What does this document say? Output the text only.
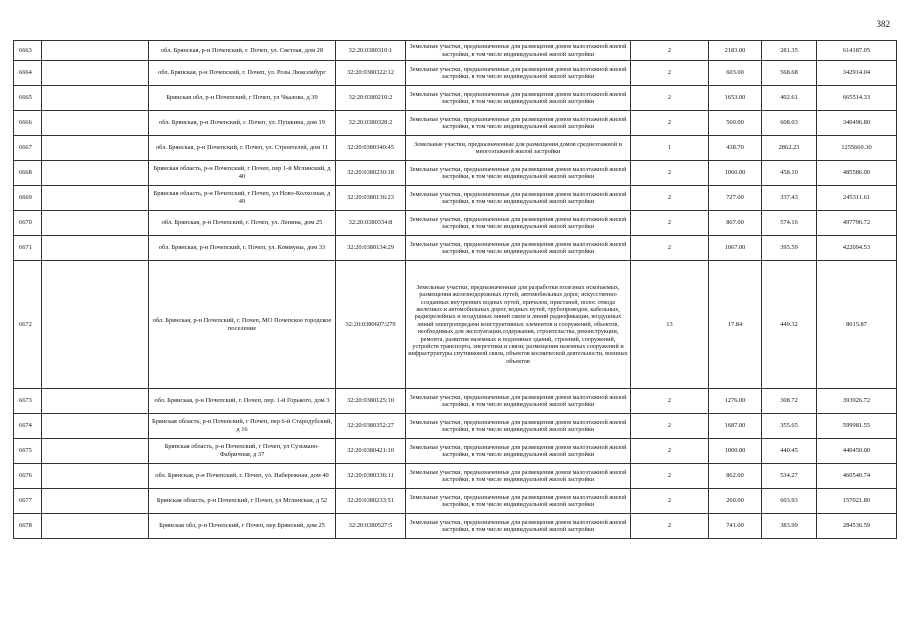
382
6663		обл. Брянская, р-н Почепский, г. Почеп, ул. Светлая, дом 28	32:20:0380310:1	Земельные участки, предназначенные для размещения домов малоэтажной жилой застройки, в том числе индивидуальной жилой застройки	2	2183.00	281.35	614187.05
6664		обл. Брянская, р-н Почепский, г. Почеп, ул. Розы Люксембург	32:20:0380322:12	Земельные участки, предназначенные для размещения домов малоэтажной жилой застройки, в том числе индивидуальной жилой застройки	2	603.00	568.68	342914.04
6665		Брянская обл, р-н Почепский, г Почеп, ул Чкалова, д 39	32:20:0380210:2	Земельные участки, предназначенные для размещения домов малоэтажной жилой застройки, в том числе индивидуальной жилой застройки	2	1653.00	402.61	665514.33
6666		обл. Брянская, р-н Почепский, г. Почеп, ул. Пушкина, дом 19	32:20:0380328:2	Земельные участки, предназначенные для размещения домов малоэтажной жилой застройки, в том числе индивидуальной жилой застройки	2	560.00	608.03	340496.80
6667		обл. Брянская, р-н Почепский, г. Почеп, ул. Строителей, дом 11	32:20:0380340:45	Земельные участки, предназначенные для размещения домов среднеэтажной и многоэтажной жилой застройки	1	438.70	2862.23	1255660.30
6668		Брянская область, р-н Почепский, г Почеп, пер 1-й Мглинский, д 40	32:20:0380230:18	Земельные участки, предназначенные для размещения домов малоэтажной жилой застройки, в том числе индивидуальной жилой застройки	2	1060.00	458.10	485586.00
6669		Брянская область, р-н Почепский, г Почеп, ул Ново-Колхозная, д 49	32:20:0380136:23	Земельные участки, предназначенные для размещения домов малоэтажной жилой застройки, в том числе индивидуальной жилой застройки	2	727.00	337.43	245311.61
6670		обл. Брянская, р-н Почепский, г. Почеп, ул. Ленина, дом 25	32:20:0380334:8	Земельные участки, предназначенные для размещения домов малоэтажной жилой застройки, в том числе индивидуальной жилой застройки	2	867.00	574.16	497796.72
6671		обл. Брянская, р-н Почепский, г. Почеп, ул. Коммуны, дом 33	32:20:0380134:29	Земельные участки, предназначенные для размещения домов малоэтажной жилой застройки, в том числе индивидуальной жилой застройки	2	1067.00	395.59	422094.53
6672		обл. Брянская, р-н Почепский, г. Почеп, МО Почепское городское поселение	32:20:0380607:279	Земельные участки, предназначенные для разработки полезных ископаемых, размещения железнодорожных путей, автомобильных дорог, искусственно созданных внутренних водных путей, причалов, пристаней, полос отвода железных и автомобильных дорог, водных путей, трубопроводов, кабельных, радиорелейных и воздушных линий связи и линий радиофикации, воздушных линий электропередачи конструктивных элементов и сооружений, объектов, необходимых для эксплуатации,содержания, строительства, реконструкции, ремонта, развития наземных и подземных зданий, строений, сооружений, устройств транспорта, энергетики и связи; размещения наземных сооружений и инфраструктуры спутниковой связи, объектов космической деятельности, военных объектов	13	17.84	449.32	8015.87
6673		обл. Брянская, р-н Почепский, г. Почеп, пер. 1-й Горького, дом 3	32:20:0380125:10	Земельные участки, предназначенные для размещения домов малоэтажной жилой застройки, в том числе индивидуальной жилой застройки	2	1276.00	308.72	393926.72
6674		Брянская область, р-н Почепский, г Почеп, пер 6-й Стародубский, д 16	32:20:0380352:27	Земельные участки, предназначенные для размещения домов малоэтажной жилой застройки, в том числе индивидуальной жилой застройки	2	1687.00	355.65	599981.55
6675		Брянская область, р-н Почепский, г Почеп, ул Сузьмано-Фабричная, д 37	32:20:0380421:10	Земельные участки, предназначенные для размещения домов малоэтажной жилой застройки, в том числе индивидуальной жилой застройки	2	1000.00	440.45	440450.00
6676		обл. Брянская, р-н Почепский, г. Почеп, ул. Набережная, дом 40	32:20:0380336:11	Земельные участки, предназначенные для размещения домов малоэтажной жилой застройки, в том числе индивидуальной жилой застройки	2	862.00	534.27	460540.74
6677		Брянская область, р-н Почепский, г Почеп, ул Мглинская, д 52	32:20:0380233:51	Земельные участки, предназначенные для размещения домов малоэтажной жилой застройки, в том числе индивидуальной жилой застройки	2	260.00	603.93	157021.80
6678		Брянская обл, р-н Почепский, г Почеп, пер Брянский, дом 25	32:20:0380527:5	Земельные участки, предназначенные для размещения домов малоэтажной жилой застройки, в том числе индивидуальной жилой застройки	2	741.00	383.99	284536.59
